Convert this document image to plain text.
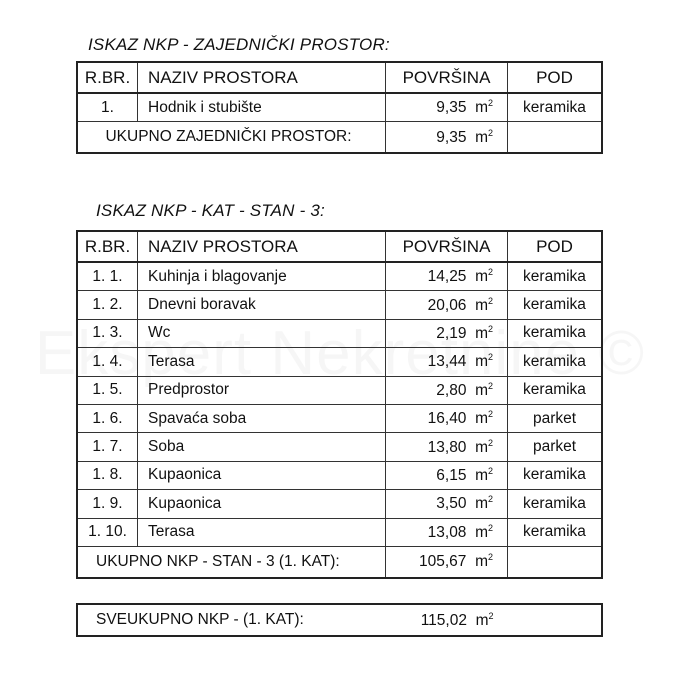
ISKAZ NKP - ZAJEDNIČKI PROSTOR:
R.BR.	NAZIV PROSTORA	POVRŠINA	POD
1.	Hodnik i stubište	9,35 $m^2$	keramika
UKUPNO ZAJEDNIČKI PROSTOR:		9,35 $m^2$	
ISKAZ NKP - KAT - STAN - 3:
R.BR.	NAZIV PROSTORA	POVRŠINA	POD
1. 1.	Kuhinja i blagovanje	14,25 $m^2$	keramika
1. 2.	Dnevni boravak	20,06 $m^2$	keramika
1. 3.	Wc	2,19 $m^2$	keramika
1. 4.	Terasa	13,44 $m^2$	keramika
1. 5.	Predprostor	2,80 $m^2$	keramika
1. 6.	Spavaća soba	16,40 $m^2$	parket
1. 7.	Soba	13,80 $m^2$	parket
1. 8.	Kupaonica	6,15 $m^2$	keramika
1. 9.	Kupaonica	3,50 $m^2$	keramika
1. 10.	Terasa	13,08 $m^2$	keramika
UKUPNO NKP - STAN - 3 (1. KAT):		105,67 $m^2$	
SVEUKUPNO NKP - (1. KAT):	115,02 $m^2$	
